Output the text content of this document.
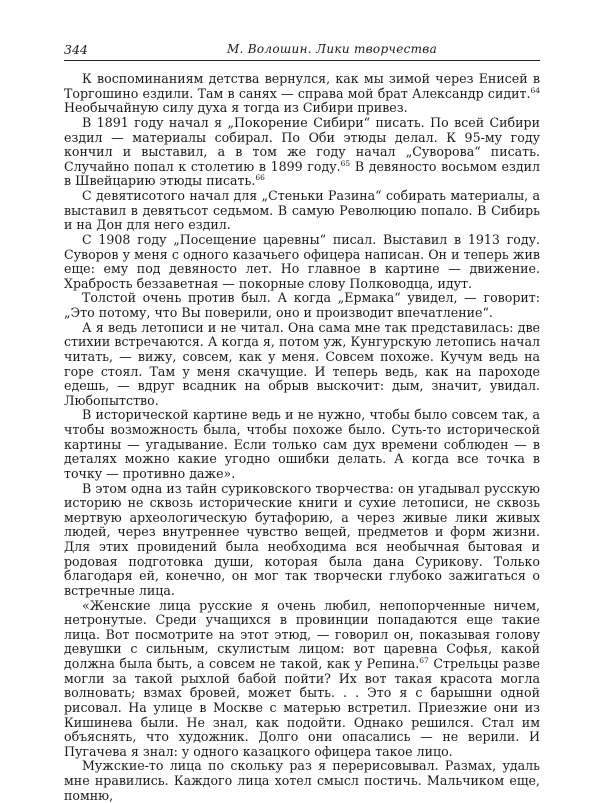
344	М. Волошин. Лики творчества

К воспоминаниям детства вернулся, как мы зимой через Енисей в Торгошино ездили. Там в санях — справа мой брат Александр сидит.$^{64}$ Необычайную силу духа я тогда из Сибири привез.

В 1891 году начал я „Покорение Сибири“ писать. По всей Сибири ездил — материалы собирал. По Оби этюды делал. К 95-му году кончил и выставил, а в том же году начал „Суворова“ писать. Случайно попал к столетию в 1899 году.$^{65}$ В девяносто восьмом ездил в Швейцарию этюды писать.$^{66}$

С девятисотого начал для „Стеньки Разина“ собирать материалы, а выставил в девятьсот седьмом. В самую Революцию попало. В Сибирь и на Дон для него ездил.

С 1908 году „Посещение царевны“ писал. Выставил в 1913 году. Суворов у меня с одного казачьего офицера написан. Он и теперь жив еще: ему под девяносто лет. Но главное в картине — движение. Храбрость беззаветная — покорные слову Полководца, идут.

Толстой очень против был. А когда „Ермака“ увидел, — говорит: „Это потому, что Вы поверили, оно и производит впечатление“.

А я ведь летописи и не читал. Она сама мне так представилась: две стихии встречаются. А когда я, потом уж, Кунгурскую летопись начал читать, — вижу, совсем, как у меня. Совсем похоже. Кучум ведь на горе стоял. Там у меня скачущие. И теперь ведь, как на пароходе едешь, — вдруг всадник на обрыв выскочит: дым, значит, увидал. Любопытство.

В исторической картине ведь и не нужно, чтобы было совсем так, а чтобы возможность была, чтобы похоже было. Суть-то исторической картины — угадывание. Если только сам дух времени соблюден — в деталях можно какие угодно ошибки делать. А когда все точка в точку — противно даже».

В этом одна из тайн суриковского творчества: он угадывал русскую историю не сквозь исторические книги и сухие летописи, не сквозь мертвую археологическую бутафорию, а через живые лики живых людей, через внутреннее чувство вещей, предметов и форм жизни. Для этих провидений была необходима вся необычная бытовая и родовая подготовка души, которая была дана Сурикову. Только благодаря ей, конечно, он мог так творчески глубоко зажигаться о встречные лица.

«Женские лица русские я очень любил, непопорченные ничем, нетронутые. Среди учащихся в провинции попадаются еще такие лица. Вот посмотрите на этот этюд, — говорил он, показывая голову девушки с сильным, скулистым лицом: вот царевна Софья, какой должна была быть, а совсем не такой, как у Репина.$^{67}$ Стрельцы разве могли за такой рыхлой бабой пойти? Их вот такая красота могла волновать; взмах бровей, может быть. . . Это я с барышни одной рисовал. На улице в Москве с матерью встретил. Приезжие они из Кишинева были. Не знал, как подойти. Однако решился. Стал им объяснять, что художник. Долго они опасались — не верили. И Пугачева я знал: у одного казацкого офицера такое лицо.

Мужские-то лица по скольку раз я перерисовывал. Размах, удаль мне нравились. Каждого лица хотел смысл постичь. Мальчиком еще, помню,
